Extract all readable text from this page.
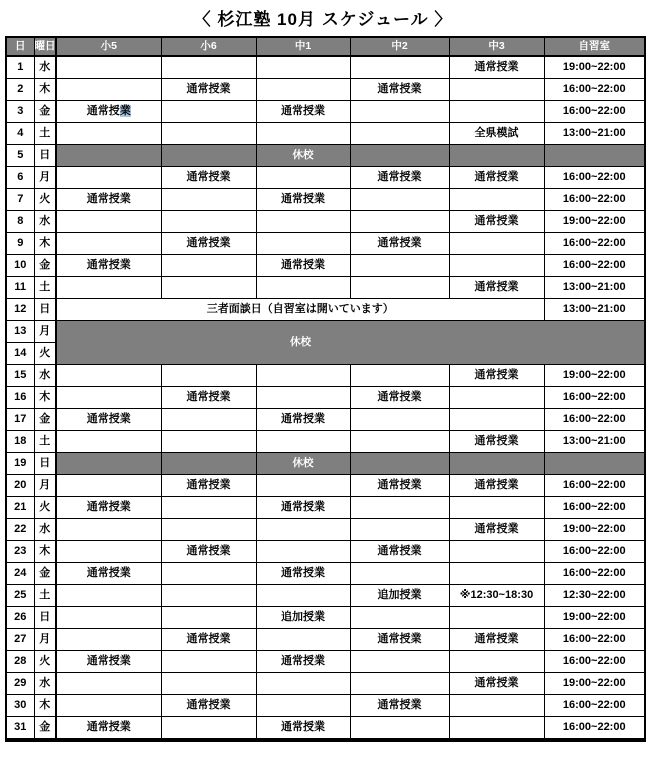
〈 杉江塾 10月 スケジュール 〉
日	曜日	小5	小6	中1	中2	中3	自習室
1	水					通常授業	19:00~22:00
2	木		通常授業		通常授業		16:00~22:00
3	金	通常授業		通常授業			16:00~22:00
4	土					全県模試	13:00~21:00
5	日			休校			
6	月		通常授業		通常授業	通常授業	16:00~22:00
7	火	通常授業		通常授業			16:00~22:00
8	水					通常授業	19:00~22:00
9	木		通常授業		通常授業		16:00~22:00
10	金	通常授業		通常授業			16:00~22:00
11	土					通常授業	13:00~21:00
12	日	三者面談日（自習室は開いています）					13:00~21:00
13	月	休校					

14	火						
15	水					通常授業	19:00~22:00
16	木		通常授業		通常授業		16:00~22:00
17	金	通常授業		通常授業			16:00~22:00
18	土					通常授業	13:00~21:00
19	日			休校			
20	月		通常授業		通常授業	通常授業	16:00~22:00
21	火	通常授業		通常授業			16:00~22:00
22	水					通常授業	19:00~22:00
23	木		通常授業		通常授業		16:00~22:00
24	金	通常授業		通常授業			16:00~22:00
25	土				追加授業	※12:30~18:30	12:30~22:00
26	日			追加授業			19:00~22:00
27	月		通常授業		通常授業	通常授業	16:00~22:00
28	火	通常授業		通常授業			16:00~22:00
29	水					通常授業	19:00~22:00
30	木		通常授業		通常授業		16:00~22:00
31	金	通常授業		通常授業			16:00~22:00
